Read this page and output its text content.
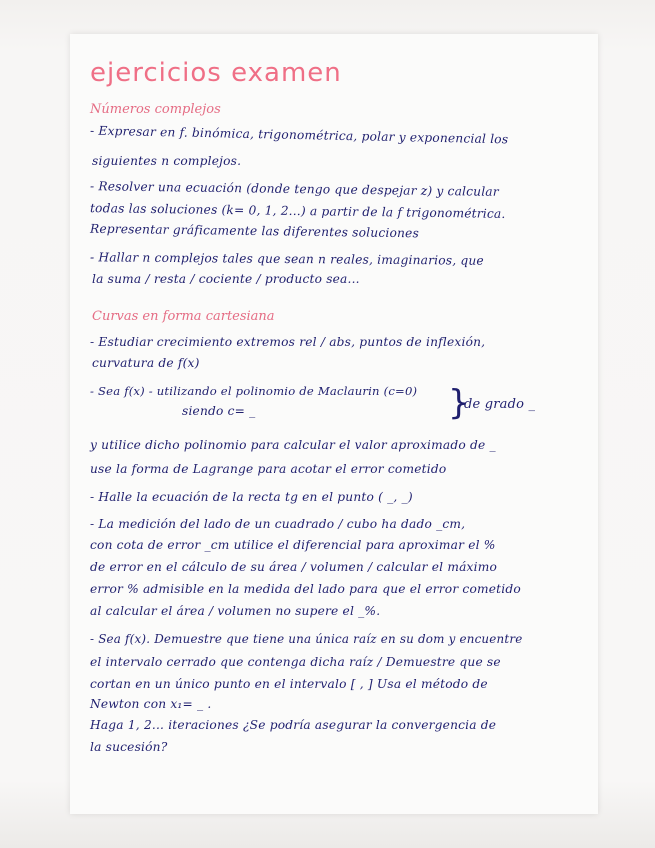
ejercicios examen
Números complejos
- Expresar en f. binómica, trigonométrica, polar y exponencial los
siguientes n complejos.
- Resolver una ecuación (donde tengo que despejar z) y calcular
todas las soluciones (k= 0, 1, 2...) a partir de la f trigonométrica.
Representar gráficamente las diferentes soluciones
- Hallar n complejos tales que sean n reales, imaginarios, que
la suma / resta / cociente / producto sea...
Curvas en forma cartesiana
- Estudiar crecimiento extremos rel / abs, puntos de inflexión,
curvatura de f(x)
- Sea f(x) - utilizando el polinomio de Maclaurin (c=0)
siendo c= _	}
de grado _
y utilice dicho polinomio para calcular el valor aproximado de _
use la forma de Lagrange para acotar el error cometido
- Halle la ecuación de la recta tg en el punto ( _, _)
- La medición del lado de un cuadrado / cubo ha dado _cm,
con cota de error _cm utilice el diferencial para aproximar el %
de error en el cálculo de su área / volumen / calcular el máximo
error % admisible en la medida del lado para que el error cometido
al calcular el área / volumen no supere el _%.
- Sea f(x). Demuestre que tiene una única raíz en su dom y encuentre
el intervalo cerrado que contenga dicha raíz / Demuestre que se
cortan en un único punto en el intervalo [ , ] Usa el método de
Newton con x₁= _ .
Haga 1, 2... iteraciones ¿Se podría asegurar la convergencia de
la sucesión?
